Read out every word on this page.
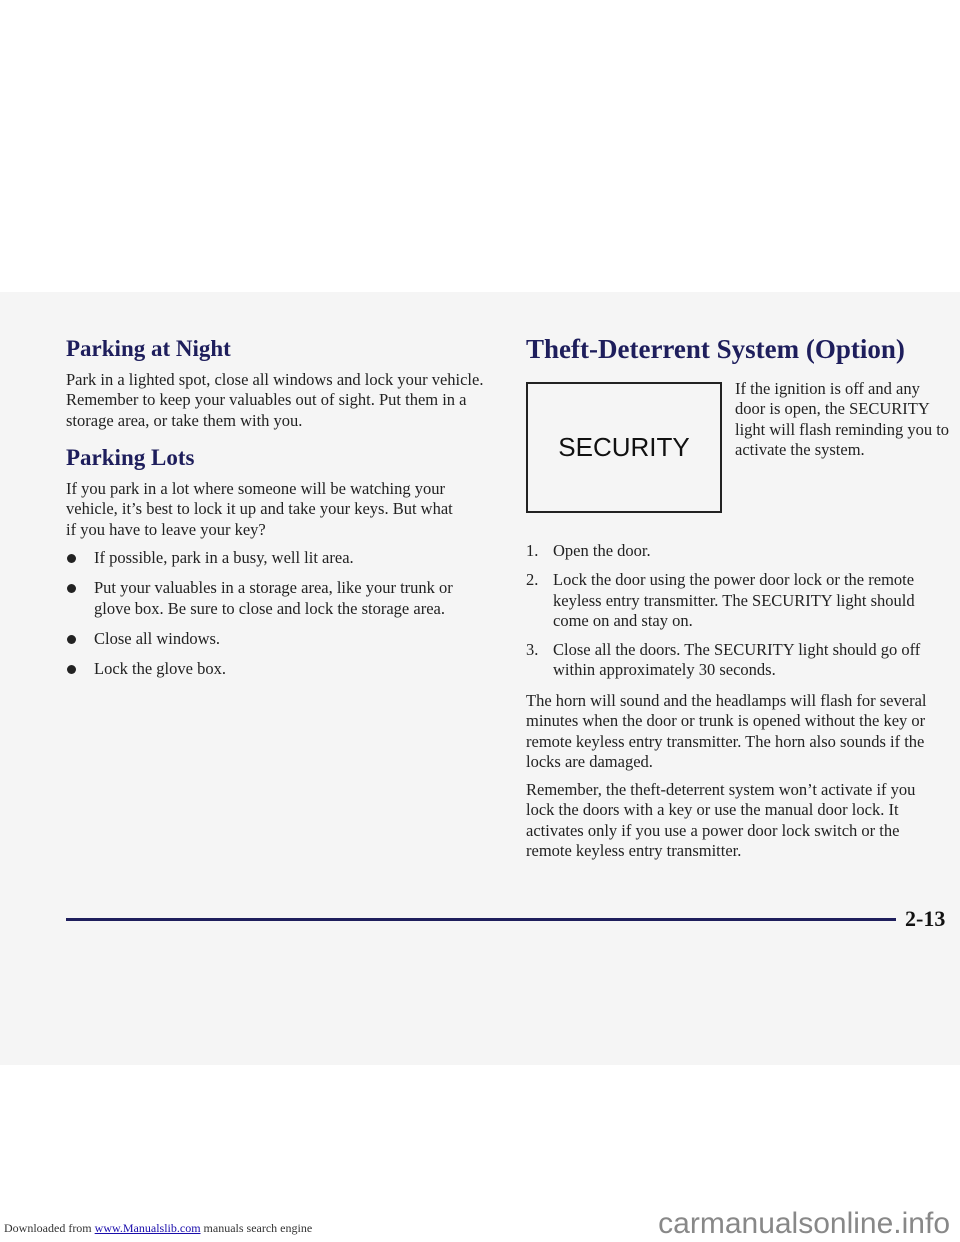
Parking at Night

Park in a lighted spot, close all windows and lock your vehicle. Remember to keep your valuables out of sight. Put them in a storage area, or take them with you.

Parking Lots

If you park in a lot where someone will be watching your vehicle, it’s best to lock it up and take your keys. But what if you have to leave your key?

If possible, park in a busy, well lit area.
Put your valuables in a storage area, like your trunk or glove box. Be sure to close and lock the storage area.
Close all windows.
Lock the glove box.
Theft-Deterrent System (Option)
SECURITY

If the ignition is off and any door is open, the SECURITY light will flash reminding you to activate the system.

1. Open the door.
2. Lock the door using the power door lock or the remote keyless entry transmitter. The SECURITY light should come on and stay on.
3. Close all the doors. The SECURITY light should go off within approximately 30 seconds.

The horn will sound and the headlamps will flash for several minutes when the door or trunk is opened without the key or remote keyless entry transmitter. The horn also sounds if the locks are damaged.

Remember, the theft-deterrent system won’t activate if you lock the doors with a key or use the manual door lock. It activates only if you use a power door lock switch or the remote keyless entry transmitter.

2-13
Downloaded from www.Manualslib.com manuals search engine	carmanualsonline.info
